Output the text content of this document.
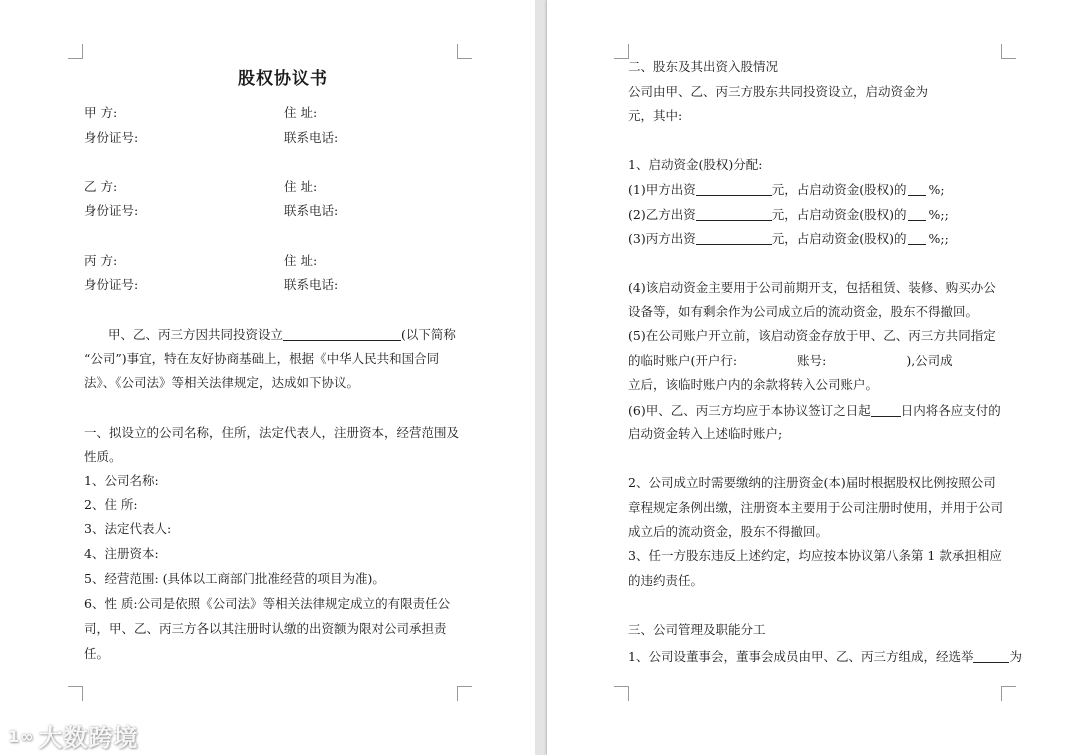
股权协议书
甲 方:	住 址:
身份证号:	联系电话:
乙 方:	住 址:
身份证号:	联系电话:
丙 方:	住 址:
身份证号:	联系电话:
甲、乙、丙三方因共同投资设立	(以下简称
“公司”)事宜，特在友好协商基础上，根据《中华人民共和国合同
法》、《公司法》等相关法律规定，达成如下协议。
一、拟设立的公司名称，住所，法定代表人，注册资本，经营范围及
性质。
1、公司名称:
2、住 所:
3、法定代表人:
4、注册资本:
5、经营范围: (具体以工商部门批准经营的项目为准)。
6、性 质:公司是依照《公司法》等相关法律规定成立的有限责任公
司，甲、乙、丙三方各以其注册时认缴的出资额为限对公司承担责
任。
二、股东及其出资入股情况
公司由甲、乙、丙三方股东共同投资设立，启动资金为
元，其中:
1、启动资金(股权)分配:
(1)甲方出资	元，占启动资金(股权)的 %;
(2)乙方出资	元，占启动资金(股权)的 %;;
(3)丙方出资	元，占启动资金(股权)的 %;;
(4)该启动资金主要用于公司前期开支，包括租赁、装修、购买办公
设备等，如有剩余作为公司成立后的流动资金，股东不得撤回。
(5)在公司账户开立前，该启动资金存放于甲、乙、丙三方共同指定
的临时账户(开户行:	账号:	),公司成
立后，该临时账户内的余款将转入公司账户。
(6)甲、乙、丙三方均应于本协议签订之日起 日内将各应支付的
启动资金转入上述临时账户;
2、公司成立时需要缴纳的注册资金(本)届时根据股权比例按照公司
章程规定条例出缴，注册资本主要用于公司注册时使用，并用于公司
成立后的流动资金，股东不得撤回。
3、任一方股东违反上述约定，均应按本协议第八条第 1 款承担相应
的违约责任。
三、公司管理及职能分工
1、公司设董事会，董事会成员由甲、乙、丙三方组成，经选举	为
1∞ 大数跨境
